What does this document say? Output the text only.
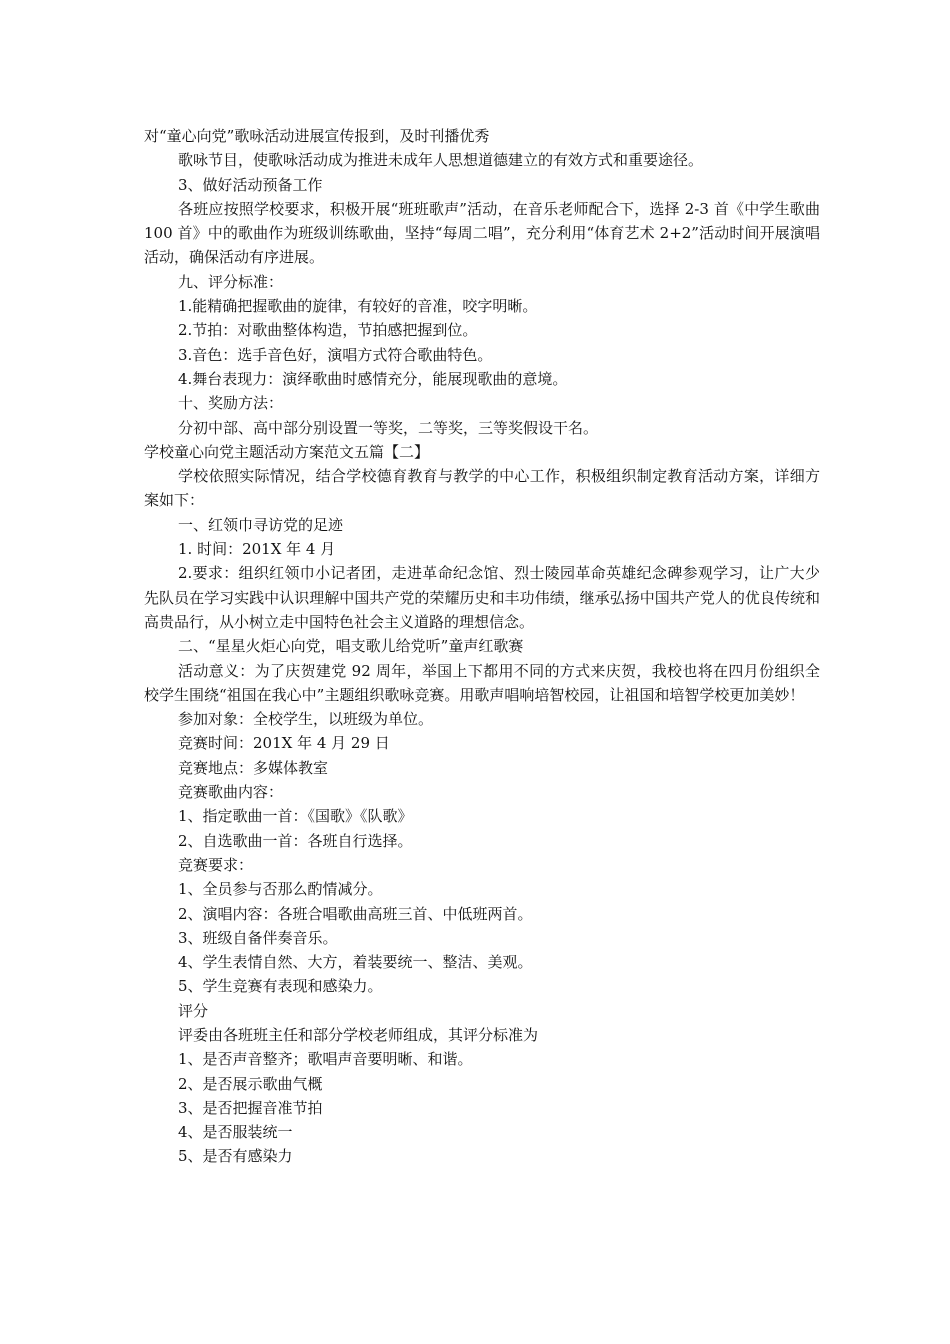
对“童心向党”歌咏活动进展宣传报到，及时刊播优秀

歌咏节目，使歌咏活动成为推进未成年人思想道德建立的有效方式和重要途径。

3、做好活动预备工作

各班应按照学校要求，积极开展“班班歌声”活动，在音乐老师配合下，选择 2-3 首《中学生歌曲 100 首》中的歌曲作为班级训练歌曲，坚持“每周二唱”，充分利用“体育艺术 2+2”活动时间开展演唱活动，确保活动有序进展。

九、评分标准：

1.能精确把握歌曲的旋律，有较好的音准，咬字明晰。

2.节拍：对歌曲整体构造，节拍感把握到位。

3.音色：选手音色好，演唱方式符合歌曲特色。

4.舞台表现力：演绎歌曲时感情充分，能展现歌曲的意境。

十、奖励方法：

分初中部、高中部分别设置一等奖，二等奖，三等奖假设干名。

学校童心向党主题活动方案范文五篇【二】

学校依照实际情况，结合学校德育教育与教学的中心工作，积极组织制定教育活动方案，详细方案如下：

一、红领巾寻访党的足迹

1. 时间：201X 年 4 月

2.要求：组织红领巾小记者团，走进革命纪念馆、烈士陵园革命英雄纪念碑参观学习，让广大少先队员在学习实践中认识理解中国共产党的荣耀历史和丰功伟绩，继承弘扬中国共产党人的优良传统和高贵品行，从小树立走中国特色社会主义道路的理想信念。

二、“星星火炬心向党，唱支歌儿给党听”童声红歌赛

活动意义：为了庆贺建党 92 周年，举国上下都用不同的方式来庆贺，我校也将在四月份组织全校学生围绕“祖国在我心中”主题组织歌咏竞赛。用歌声唱响培智校园，让祖国和培智学校更加美妙！

参加对象：全校学生，以班级为单位。

竞赛时间：201X 年 4 月 29 日

竞赛地点：多媒体教室

竞赛歌曲内容：

1、指定歌曲一首：《国歌》《队歌》

2、自选歌曲一首：各班自行选择。

竞赛要求：

1、全员参与否那么酌情减分。

2、演唱内容：各班合唱歌曲高班三首、中低班两首。

3、班级自备伴奏音乐。

4、学生表情自然、大方，着装要统一、整洁、美观。

5、学生竞赛有表现和感染力。

评分

评委由各班班主任和部分学校老师组成，其评分标准为

1、是否声音整齐；歌唱声音要明晰、和谐。

2、是否展示歌曲气概

3、是否把握音准节拍

4、是否服装统一

5、是否有感染力
